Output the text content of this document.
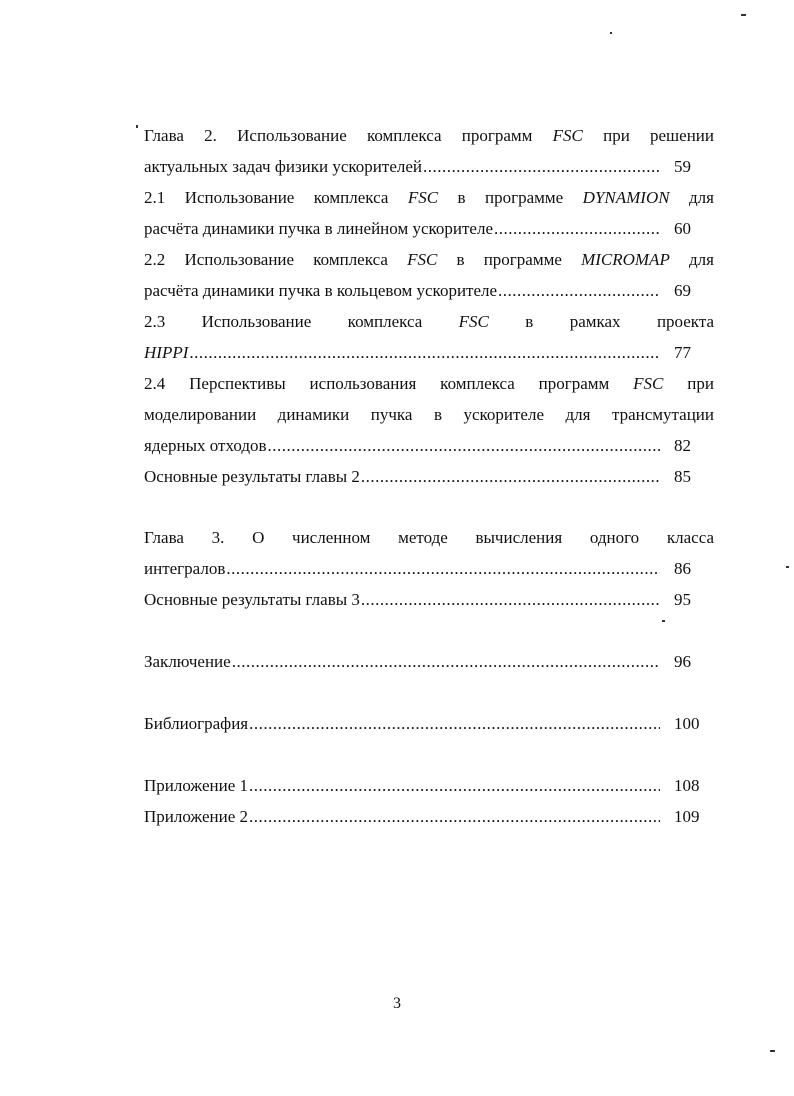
Глава 2. Использование комплекса программ FSC при решении
актуальных задач физики ускорителей .....	59
2.1 Использование комплекса FSC в программе DYNAMION для
расчёта динамики пучка в линейном ускорителе .....	60
2.2 Использование комплекса FSC в программе MICROMAP для
расчёта динамики пучка в кольцевом ускорителе .....	69
2.3 Использование комплекса FSC в рамках проекта
HIPPI .....	77
2.4 Перспективы использования комплекса программ FSC при
моделировании динамики пучка в ускорителе для трансмутации
ядерных отходов .....	82
Основные результаты главы 2 .....	85
Глава 3. О численном методе вычисления одного класса
интегралов .....	86
Основные результаты главы 3 .....	95
Заключение .....	96
Библиография .....	100
Приложение 1 .....	108
Приложение 2 .....	109
3
